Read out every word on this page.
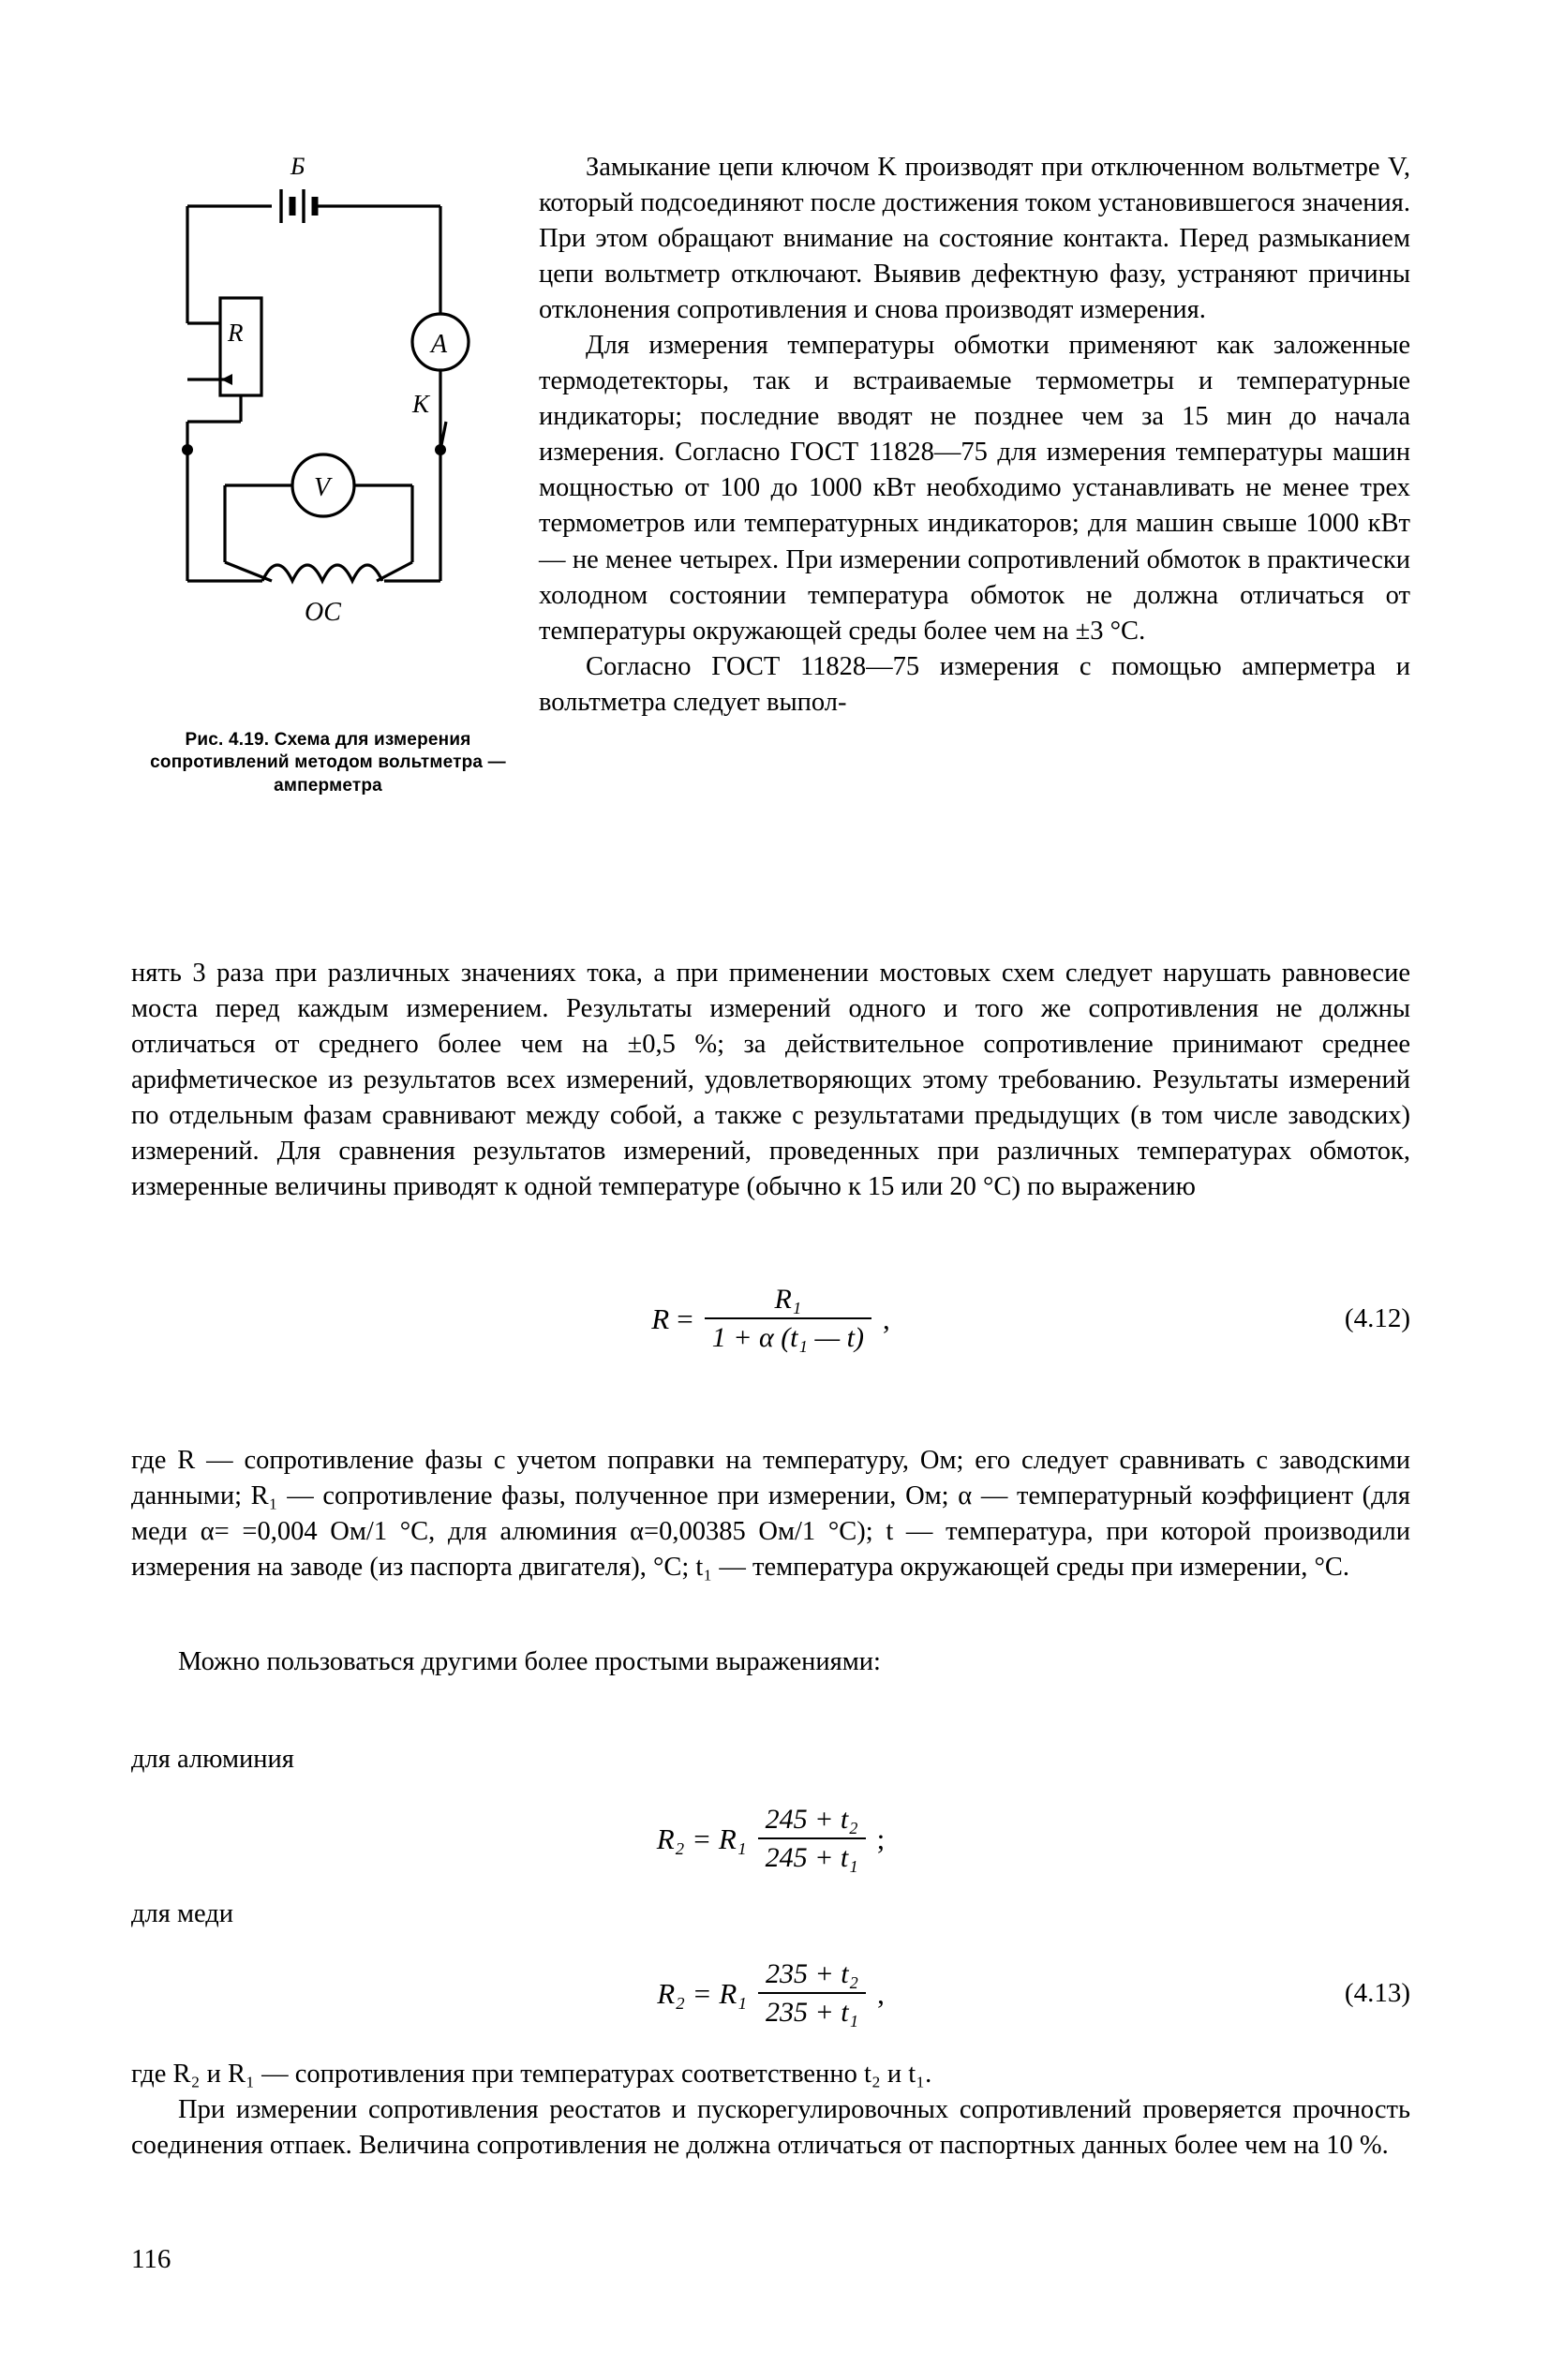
Б
R	A
K
V
ОС
Рис. 4.19. Схема для измерения сопротивлений методом вольтметра — амперметра

Замыкание цепи ключом K производят при отключенном вольтметре V, который подсоединяют после достижения током установившегося значения. При этом обращают внимание на состояние контакта. Перед размыканием цепи вольтметр отключают. Выявив дефектную фазу, устраняют причины отклонения сопротивления и снова производят измерения.

Для измерения температуры обмотки применяют как заложенные термодетекторы, так и встраиваемые термометры и температурные индикаторы; последние вводят не позднее чем за 15 мин до начала измерения. Согласно ГОСТ 11828—75 для измерения температуры машин мощностью от 100 до 1000 кВт необходимо устанавливать не менее трех термометров или температурных индикаторов; для машин свыше 1000 кВт — не менее четырех. При измерении сопротивлений обмоток в практически холодном состоянии температура обмоток не должна отличаться от температуры окружающей среды более чем на ±3 °С.

Согласно ГОСТ 11828—75 измерения с помощью амперметра и вольтметра следует выпол-

нять 3 раза при различных значениях тока, а при применении мостовых схем следует нарушать равновесие моста перед каждым измерением. Результаты измерений одного и того же сопротивления не должны отличаться от среднего более чем на ±0,5 %; за действительное сопротивление принимают среднее арифметическое из результатов всех измерений, удовлетворяющих этому требованию. Результаты измерений по отдельным фазам сравнивают между собой, а также с результатами предыдущих (в том числе заводских) измерений. Для сравнения результатов измерений, проведенных при различных температурах обмоток, измеренные величины приводят к одной температуре (обычно к 15 или 20 °С) по выражению

$R = \frac{\text{R₁}}{\text{1 + α (t₁ — t)}}$ ,	(4.12)

где R — сопротивление фазы с учетом поправки на температуру, Ом; его следует сравнивать с заводскими данными; R₁ — сопротивление фазы, полученное при измерении, Ом; α — температурный коэффициент (для меди α= =0,004 Ом/1 °С, для алюминия α=0,00385 Ом/1 °С); t — температура, при которой производили измерения на заводе (из паспорта двигателя), °С; t₁ — температура окружающей среды при измерении, °С.

Можно пользоваться другими более простыми выражениями:

для алюминия
$R_2 = R_1 \frac{\text{245 + t₂}}{\text{245 + t₁}}$ ;
для меди
$R_2 = R_1 \frac{\text{235 + t₂}}{\text{235 + t₁}}$ ,	(4.13)

где R₂ и R₁ — сопротивления при температурах соответственно t₂ и t₁.

При измерении сопротивления реостатов и пускорегулировочных сопротивлений проверяется прочность соединения отпаек. Величина сопротивления не должна отличаться от паспортных данных более чем на 10 %.

116
